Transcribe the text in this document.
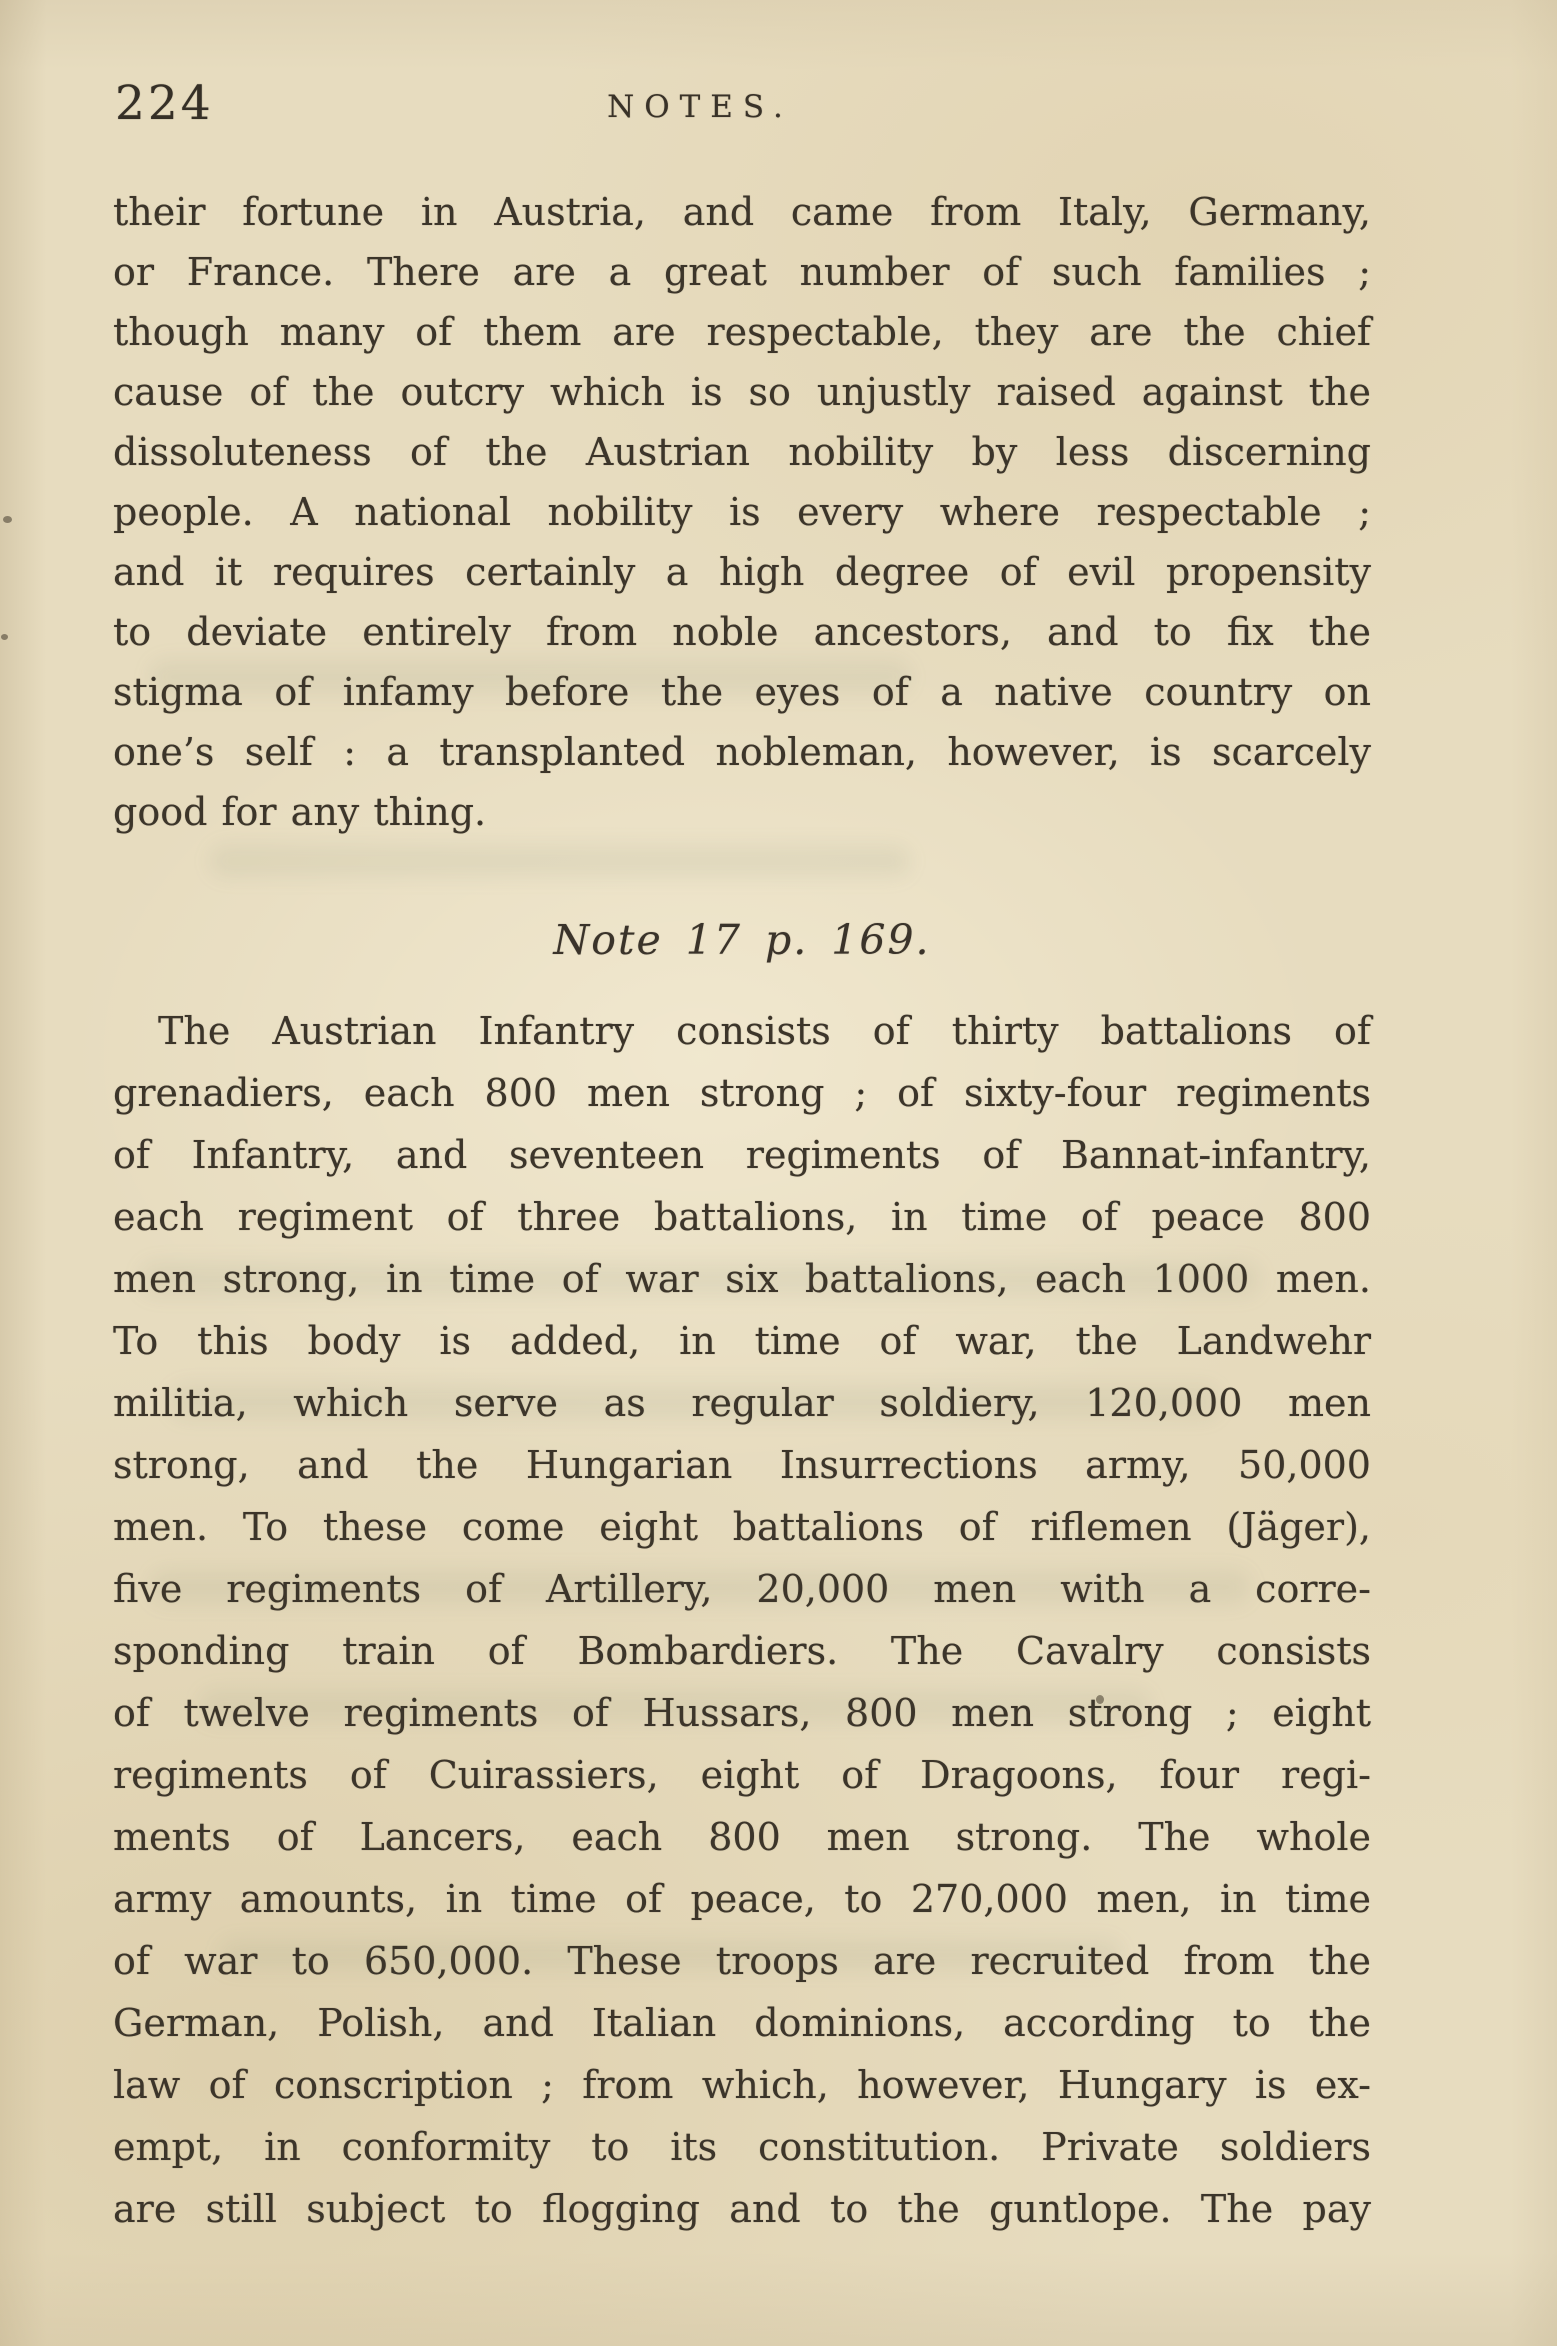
224	NOTES.
their fortune in Austria, and came from Italy, Germany,
or France. There are a great number of such families ;
though many of them are respectable, they are the chief
cause of the outcry which is so unjustly raised against the
dissoluteness of the Austrian nobility by less discerning
people. A national nobility is every where respectable ;
and it requires certainly a high degree of evil propensity
to deviate entirely from noble ancestors, and to fix the
stigma of infamy before the eyes of a native country on
one’s self : a transplanted nobleman, however, is scarcely
good for any thing.
Note 17 p. 169.
The Austrian Infantry consists of thirty battalions of
grenadiers, each 800 men strong ; of sixty-four regiments
of Infantry, and seventeen regiments of Bannat-infantry,
each regiment of three battalions, in time of peace 800
men strong, in time of war six battalions, each 1000 men.
To this body is added, in time of war, the Landwehr
militia, which serve as regular soldiery, 120,000 men
strong, and the Hungarian Insurrections army, 50,000
men. To these come eight battalions of riflemen (Jäger),
five regiments of Artillery, 20,000 men with a corre-
sponding train of Bombardiers. The Cavalry consists
of twelve regiments of Hussars, 800 men strong ; eight
regiments of Cuirassiers, eight of Dragoons, four regi-
ments of Lancers, each 800 men strong. The whole
army amounts, in time of peace, to 270,000 men, in time
of war to 650,000. These troops are recruited from the
German, Polish, and Italian dominions, according to the
law of conscription ; from which, however, Hungary is ex-
empt, in conformity to its constitution. Private soldiers
are still subject to flogging and to the guntlope. The pay
